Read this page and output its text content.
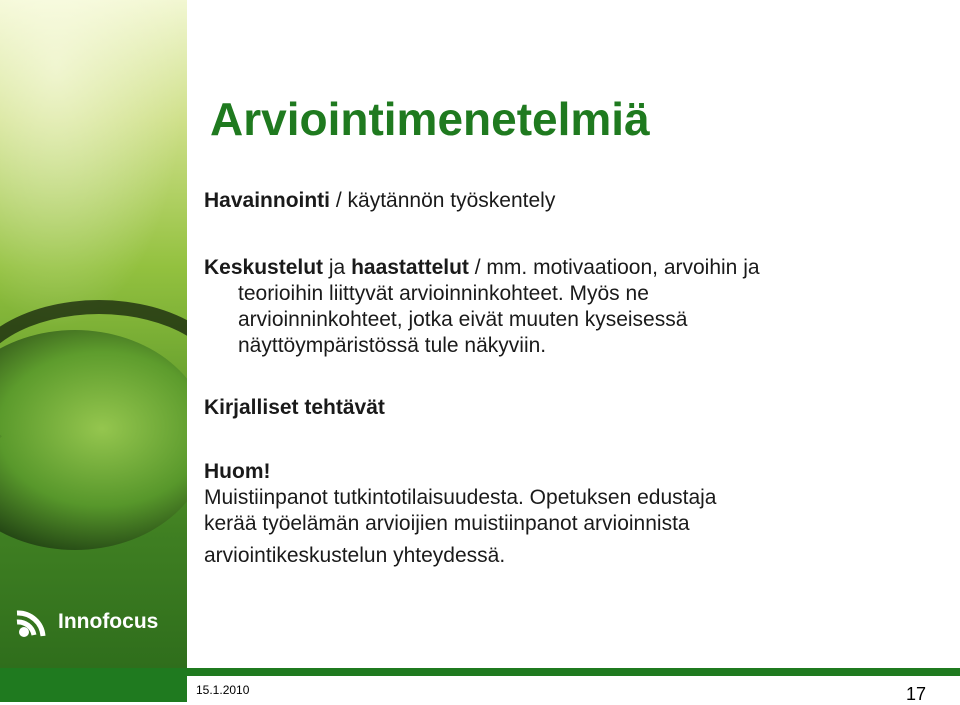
Innofocus
15.1.2010	17
Arviointimenetelmiä

Havainnointi / käytännön työskentely

Keskustelut ja haastattelut / mm. motivaatioon, arvoihin ja

teorioihin liittyvät arvioinninkohteet. Myös ne

arvioinninkohteet, jotka eivät muuten kyseisessä

näyttöympäristössä tule näkyviin.

Kirjalliset tehtävät

Huom!

Muistiinpanot tutkintotilaisuudesta. Opetuksen edustaja

kerää työelämän arvioijien muistiinpanot arvioinnista

arviointikeskustelun yhteydessä.
